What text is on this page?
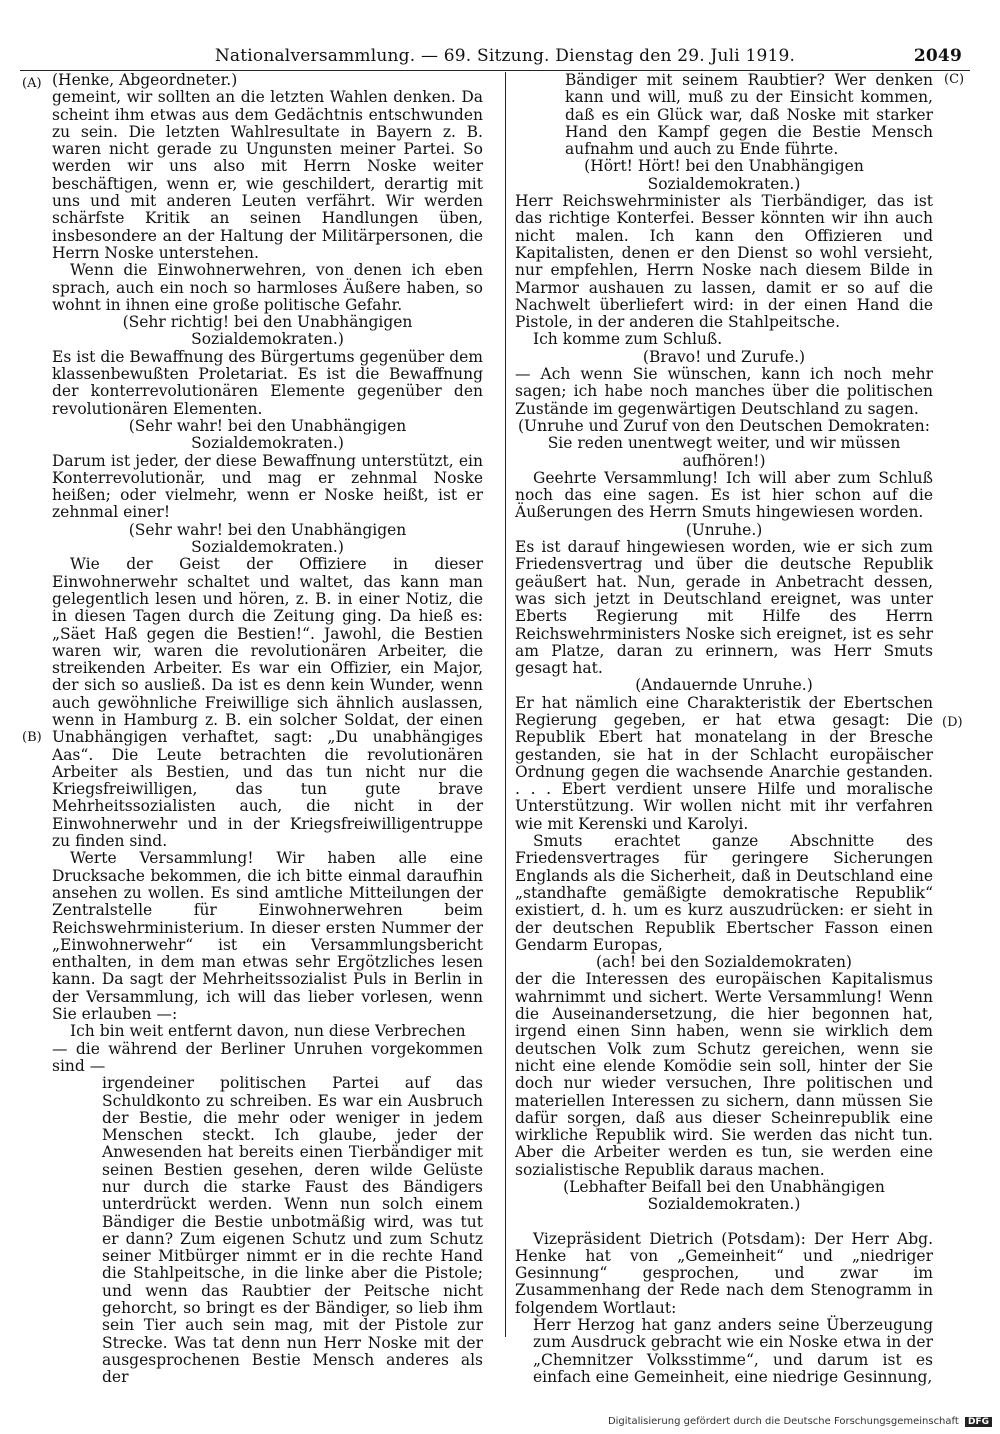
Nationalversammlung. — 69. Sitzung. Dienstag den 29. Juli 1919.	2049
(A)
(B)
(C)
(D)

(Henke, Abgeordneter.)

gemeint, wir sollten an die letzten Wahlen denken. Da scheint ihm etwas aus dem Gedächtnis entschwunden zu sein. Die letzten Wahlresultate in Bayern z. B. waren nicht gerade zu Ungunsten meiner Partei. So werden wir uns also mit Herrn Noske weiter beschäftigen, wenn er, wie geschildert, derartig mit uns und mit anderen Leuten verfährt. Wir werden schärfste Kritik an seinen Handlungen üben, insbesondere an der Haltung der Militärpersonen, die Herrn Noske unterstehen.

Wenn die Einwohnerwehren, von denen ich eben sprach, auch ein noch so harmloses Äußere haben, so wohnt in ihnen eine große politische Gefahr.

(Sehr richtig! bei den Unabhängigen Sozialdemokraten.)

Es ist die Bewaffnung des Bürgertums gegenüber dem klassenbewußten Proletariat. Es ist die Bewaffnung der konterrevolutionären Elemente gegenüber den revolutionären Elementen.

(Sehr wahr! bei den Unabhängigen Sozialdemokraten.)

Darum ist jeder, der diese Bewaffnung unterstützt, ein Konterrevolutionär, und mag er zehnmal Noske heißen; oder vielmehr, wenn er Noske heißt, ist er zehnmal einer!

(Sehr wahr! bei den Unabhängigen Sozialdemokraten.)

Wie der Geist der Offiziere in dieser Einwohnerwehr schaltet und waltet, das kann man gelegentlich lesen und hören, z. B. in einer Notiz, die in diesen Tagen durch die Zeitung ging. Da hieß es: „Säet Haß gegen die Bestien!“. Jawohl, die Bestien waren wir, waren die revolutionären Arbeiter, die streikenden Arbeiter. Es war ein Offizier, ein Major, der sich so ausließ. Da ist es denn kein Wunder, wenn auch gewöhnliche Freiwillige sich ähnlich auslassen, wenn in Hamburg z. B. ein solcher Soldat, der einen Unabhängigen verhaftet, sagt: „Du unabhängiges Aas“. Die Leute betrachten die revolutionären Arbeiter als Bestien, und das tun nicht nur die Kriegsfreiwilligen, das tun gute brave Mehrheitssozialisten auch, die nicht in der Einwohnerwehr und in der Kriegsfreiwilligentruppe zu finden sind.

Werte Versammlung! Wir haben alle eine Drucksache bekommen, die ich bitte einmal daraufhin ansehen zu wollen. Es sind amtliche Mitteilungen der Zentralstelle für Einwohnerwehren beim Reichswehrministerium. In dieser ersten Nummer der „Einwohnerwehr“ ist ein Versammlungsbericht enthalten, in dem man etwas sehr Ergötzliches lesen kann. Da sagt der Mehrheitssozialist Puls in Berlin in der Versammlung, ich will das lieber vorlesen, wenn Sie erlauben —:

Ich bin weit entfernt davon, nun diese Verbrechen

— die während der Berliner Unruhen vorgekommen sind —

irgendeiner politischen Partei auf das Schuldkonto zu schreiben. Es war ein Ausbruch der Bestie, die mehr oder weniger in jedem Menschen steckt. Ich glaube, jeder der Anwesenden hat bereits einen Tierbändiger mit seinen Bestien gesehen, deren wilde Gelüste nur durch die starke Faust des Bändigers unterdrückt werden. Wenn nun solch einem Bändiger die Bestie unbotmäßig wird, was tut er dann? Zum eigenen Schutz und zum Schutz seiner Mitbürger nimmt er in die rechte Hand die Stahlpeitsche, in die linke aber die Pistole; und wenn das Raubtier der Peitsche nicht gehorcht, so bringt es der Bändiger, so lieb ihm sein Tier auch sein mag, mit der Pistole zur Strecke. Was tat denn nun Herr Noske mit der ausgesprochenen Bestie Mensch anderes als der

Bändiger mit seinem Raubtier? Wer denken kann und will, muß zu der Einsicht kommen, daß es ein Glück war, daß Noske mit starker Hand den Kampf gegen die Bestie Mensch aufnahm und auch zu Ende führte.

(Hört! Hört! bei den Unabhängigen Sozialdemokraten.)

Herr Reichswehrminister als Tierbändiger, das ist das richtige Konterfei. Besser könnten wir ihn auch nicht malen. Ich kann den Offizieren und Kapitalisten, denen er den Dienst so wohl versieht, nur empfehlen, Herrn Noske nach diesem Bilde in Marmor aushauen zu lassen, damit er so auf die Nachwelt überliefert wird: in der einen Hand die Pistole, in der anderen die Stahlpeitsche.

Ich komme zum Schluß.

(Bravo! und Zurufe.)

— Ach wenn Sie wünschen, kann ich noch mehr sagen; ich habe noch manches über die politischen Zustände im gegenwärtigen Deutschland zu sagen.

(Unruhe und Zuruf von den Deutschen Demokraten: Sie reden unentwegt weiter, und wir müssen aufhören!)

Geehrte Versammlung! Ich will aber zum Schluß noch das eine sagen. Es ist hier schon auf die Äußerungen des Herrn Smuts hingewiesen worden.

(Unruhe.)

Es ist darauf hingewiesen worden, wie er sich zum Friedensvertrag und über die deutsche Republik geäußert hat. Nun, gerade in Anbetracht dessen, was sich jetzt in Deutschland ereignet, was unter Eberts Regierung mit Hilfe des Herrn Reichswehrministers Noske sich ereignet, ist es sehr am Platze, daran zu erinnern, was Herr Smuts gesagt hat.

(Andauernde Unruhe.)

Er hat nämlich eine Charakteristik der Ebertschen Regierung gegeben, er hat etwa gesagt: Die Republik Ebert hat monatelang in der Bresche gestanden, sie hat in der Schlacht europäischer Ordnung gegen die wachsende Anarchie gestanden. . . . Ebert verdient unsere Hilfe und moralische Unterstützung. Wir wollen nicht mit ihr verfahren wie mit Kerenski und Karolyi.

Smuts erachtet ganze Abschnitte des Friedensvertrages für geringere Sicherungen Englands als die Sicherheit, daß in Deutschland eine „standhafte gemäßigte demokratische Republik“ existiert, d. h. um es kurz auszudrücken: er sieht in der deutschen Republik Ebertscher Fasson einen Gendarm Europas,

(ach! bei den Sozialdemokraten)

der die Interessen des europäischen Kapitalismus wahrnimmt und sichert. Werte Versammlung! Wenn die Auseinandersetzung, die hier begonnen hat, irgend einen Sinn haben, wenn sie wirklich dem deutschen Volk zum Schutz gereichen, wenn sie nicht eine elende Komödie sein soll, hinter der Sie doch nur wieder versuchen, Ihre politischen und materiellen Interessen zu sichern, dann müssen Sie dafür sorgen, daß aus dieser Scheinrepublik eine wirkliche Republik wird. Sie werden das nicht tun. Aber die Arbeiter werden es tun, sie werden eine sozialistische Republik daraus machen.

(Lebhafter Beifall bei den Unabhängigen Sozialdemokraten.)

Vizepräsident Dietrich (Potsdam): Der Herr Abg. Henke hat von „Gemeinheit“ und „niedriger Gesinnung“ gesprochen, und zwar im Zusammenhang der Rede nach dem Stenogramm in folgendem Wortlaut:

Herr Herzog hat ganz anders seine Überzeugung zum Ausdruck gebracht wie ein Noske etwa in der „Chemnitzer Volksstimme“, und darum ist es einfach eine Gemeinheit, eine niedrige Gesinnung,

Digitalisierung gefördert durch die Deutsche Forschungsgemeinschaft DFG
